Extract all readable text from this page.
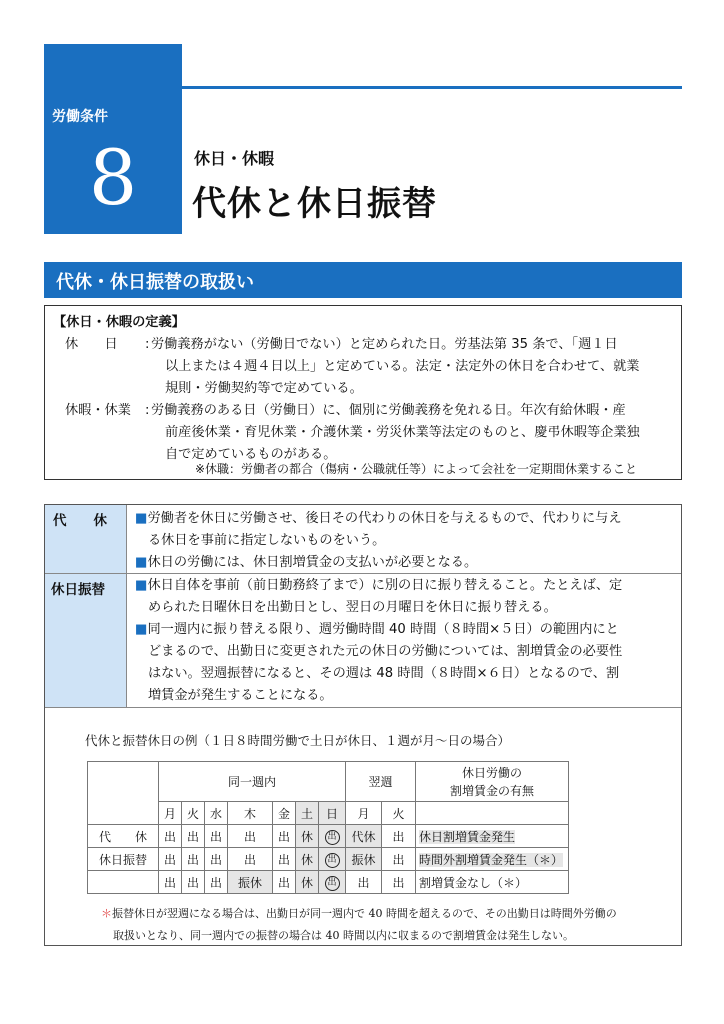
労働条件
8	休日・休暇
代休と休日振替
代休・休日振替の取扱い
【休日・休暇の定義】
休　　日 : 労働義務がない（労働日でない）と定められた日。労基法第 35 条で、「週１日
以上または４週４日以上」と定めている。法定・法定外の休日を合わせて、就業
規則・労働契約等で定めている。
休暇・休業 : 労働義務のある日（労働日）に、個別に労働義務を免れる日。年次有給休暇・産
前産後休業・育児休業・介護休業・労災休業等法定のものと、慶弔休暇等企業独
自で定めているものがある。
※休職：労働者の都合（傷病・公職就任等）によって会社を一定期間休業すること
代　　休	■労働者を休日に労働させ、後日その代わりの休日を与えるもので、代わりに与え
る休日を事前に指定しないものをいう。
■休日の労働には、休日割増賃金の支払いが必要となる。
休日振替	■休日自体を事前（前日勤務終了まで）に別の日に振り替えること。たとえば、定
められた日曜休日を出勤日とし、翌日の月曜日を休日に振り替える。
■同一週内に振り替える限り、週労働時間 40 時間（８時間×５日）の範囲内にと
どまるので、出勤日に変更された元の休日の労働については、割増賃金の必要性
はない。翌週振替になると、その週は 48 時間（８時間×６日）となるので、割
増賃金が発生することになる。
代休と振替休日の例（１日８時間労働で土日が休日、１週が月～日の場合）
	同一週内							翌週		休日労働の
割増賃金の有無

	月	火	水	木	金	土	日	月	火	
代　　休	出	出	出	出	出	休	出	代休	出	休日割増賃金発生
休日振替	出	出	出	出	出	休	出	振休	出	時間外割増賃金発生（＊）
	出	出	出	振休	出	休	出	出	出	割増賃金なし（＊）
＊振替休日が翌週になる場合は、出勤日が同一週内で 40 時間を超えるので、その出勤日は時間外労働の
取扱いとなり、同一週内での振替の場合は 40 時間以内に収まるので割増賃金は発生しない。
